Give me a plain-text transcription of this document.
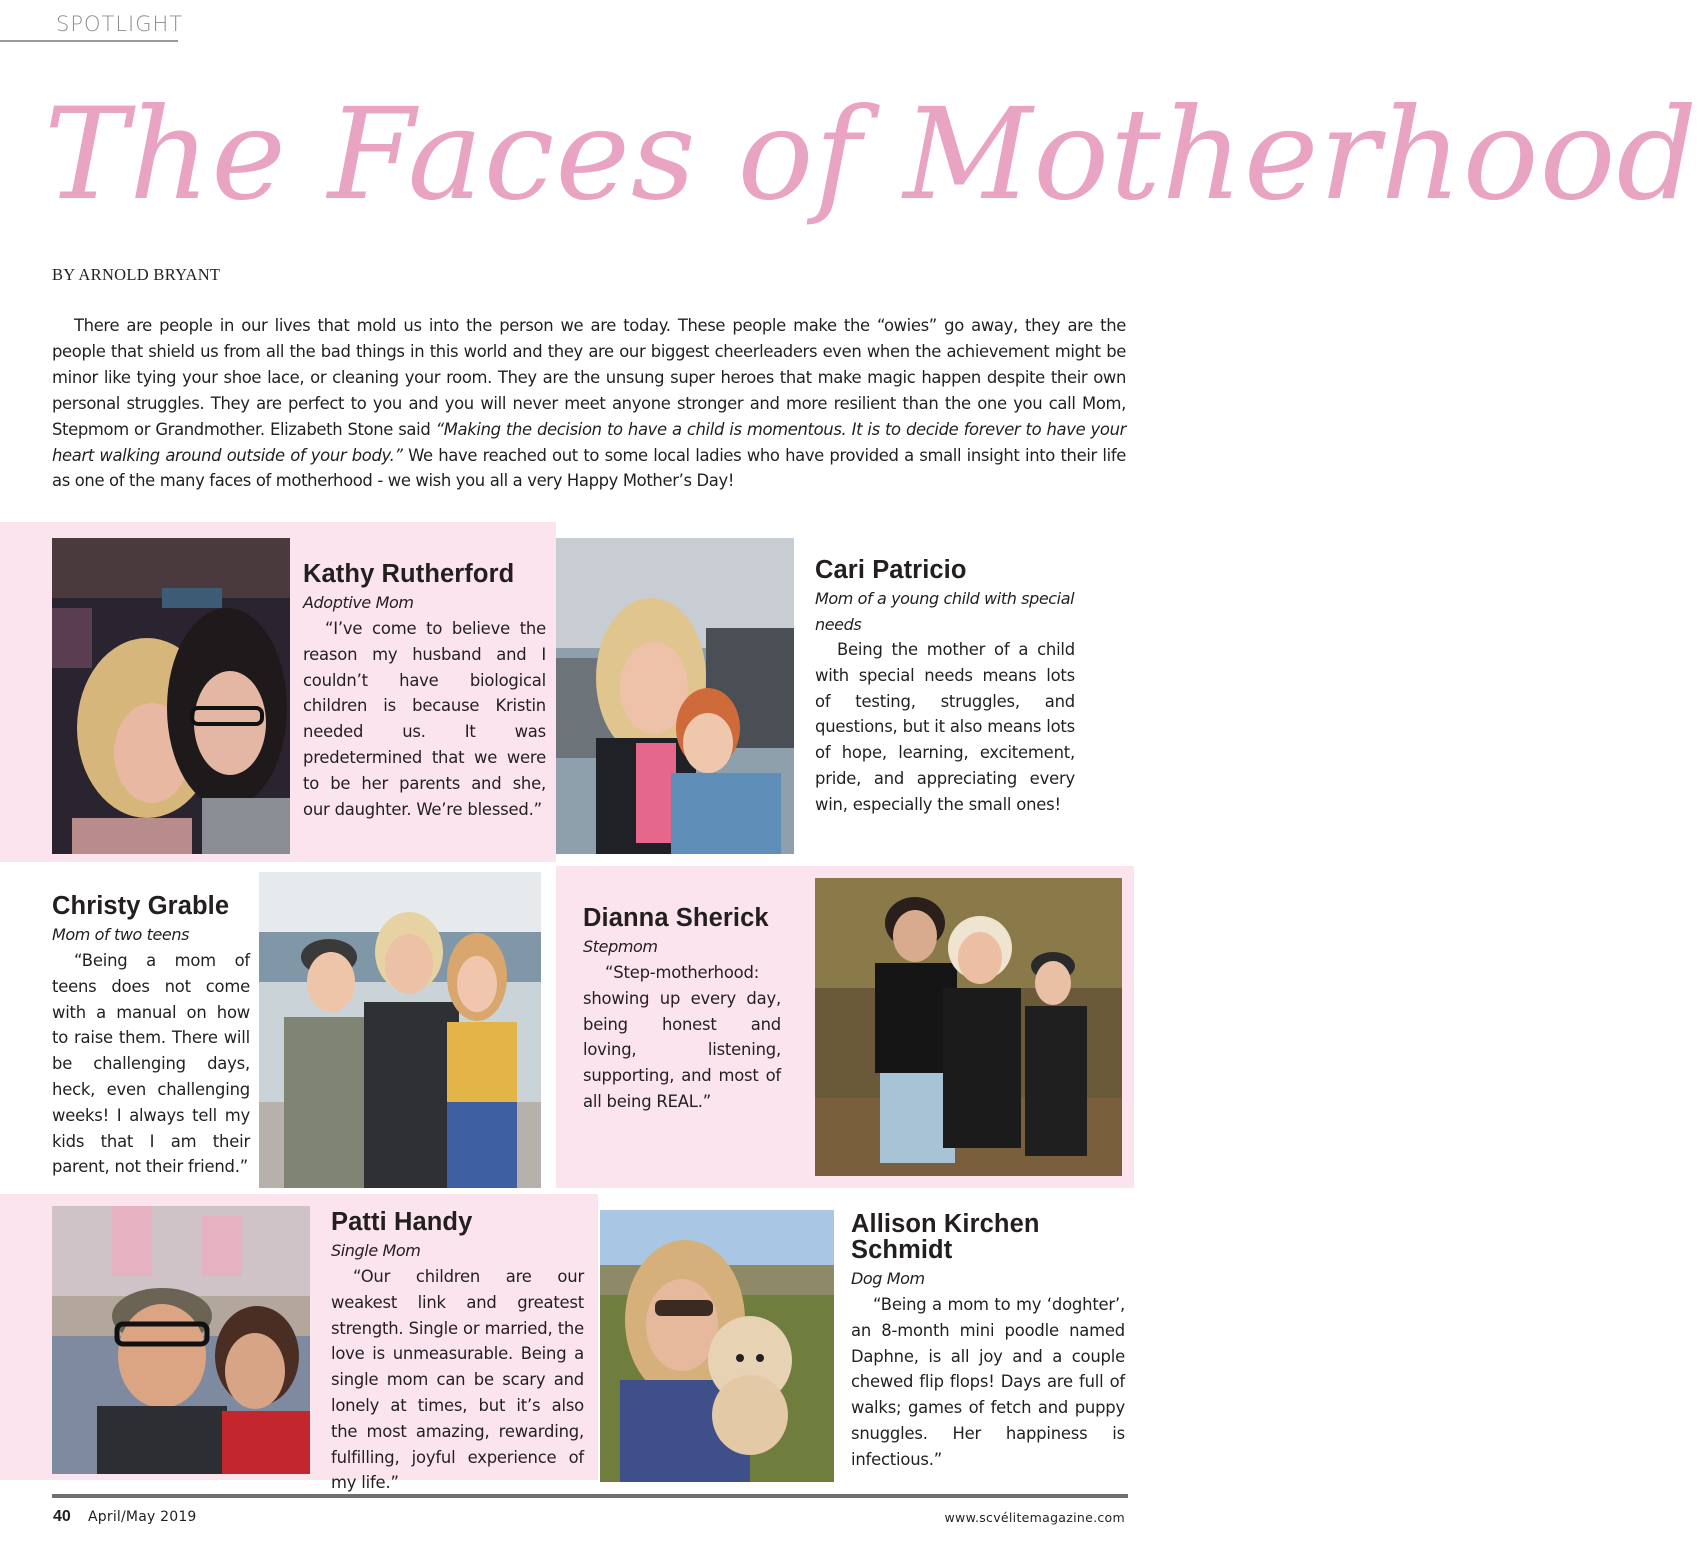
SPOTLIGHT
The Faces of Motherhood
BY ARNOLD BRYANT

There are people in our lives that mold us into the person we are today. These people make the “owies” go away, they are the people that shield us from all the bad things in this world and they are our biggest cheerleaders even when the achievement might be minor like tying your shoe lace, or cleaning your room. They are the unsung super heroes that make magic happen despite their own personal struggles. They are perfect to you and you will never meet anyone stronger and more resilient than the one you call Mom, Stepmom or Grandmother. Elizabeth Stone said “Making the decision to have a child is momentous. It is to decide forever to have your heart walking around outside of your body.” We have reached out to some local ladies who have provided a small insight into their life as one of the many faces of motherhood - we wish you all a very Happy Mother’s Day!

Kathy Rutherford
Adoptive Mom

“I’ve come to believe the reason my husband and I couldn’t have biological children is because Kristin needed us. It was predetermined that we were to be her parents and she, our daughter. We’re blessed.”

Cari Patricio
Mom of a young child with special needs

Being the mother of a child with special needs means lots of testing, struggles, and questions, but it also means lots of hope, learning, excitement, pride, and appreciating every win, especially the small ones!

Christy Grable
Mom of two teens

“Being a mom of teens does not come with a manual on how to raise them. There will be challenging days, heck, even challenging weeks! I always tell my kids that I am their parent, not their friend.”

Dianna Sherick
Stepmom

“Step-motherhood: showing up every day, being honest and loving, listening, supporting, and most of all being REAL.”

Patti Handy
Single Mom

“Our children are our weakest link and greatest strength. Single or married, the love is unmeasurable. Being a single mom can be scary and lonely at times, but it’s also the most amazing, rewarding, fulfilling, joyful experience of my life.”

Allison Kirchen
Schmidt
Dog Mom

“Being a mom to my ‘doghter’, an 8-month mini poodle named Daphne, is all joy and a couple chewed flip flops! Days are full of walks; games of fetch and puppy snuggles. Her happiness is infectious.”

40 April/May 2019	www.scvélitemagazine.com
